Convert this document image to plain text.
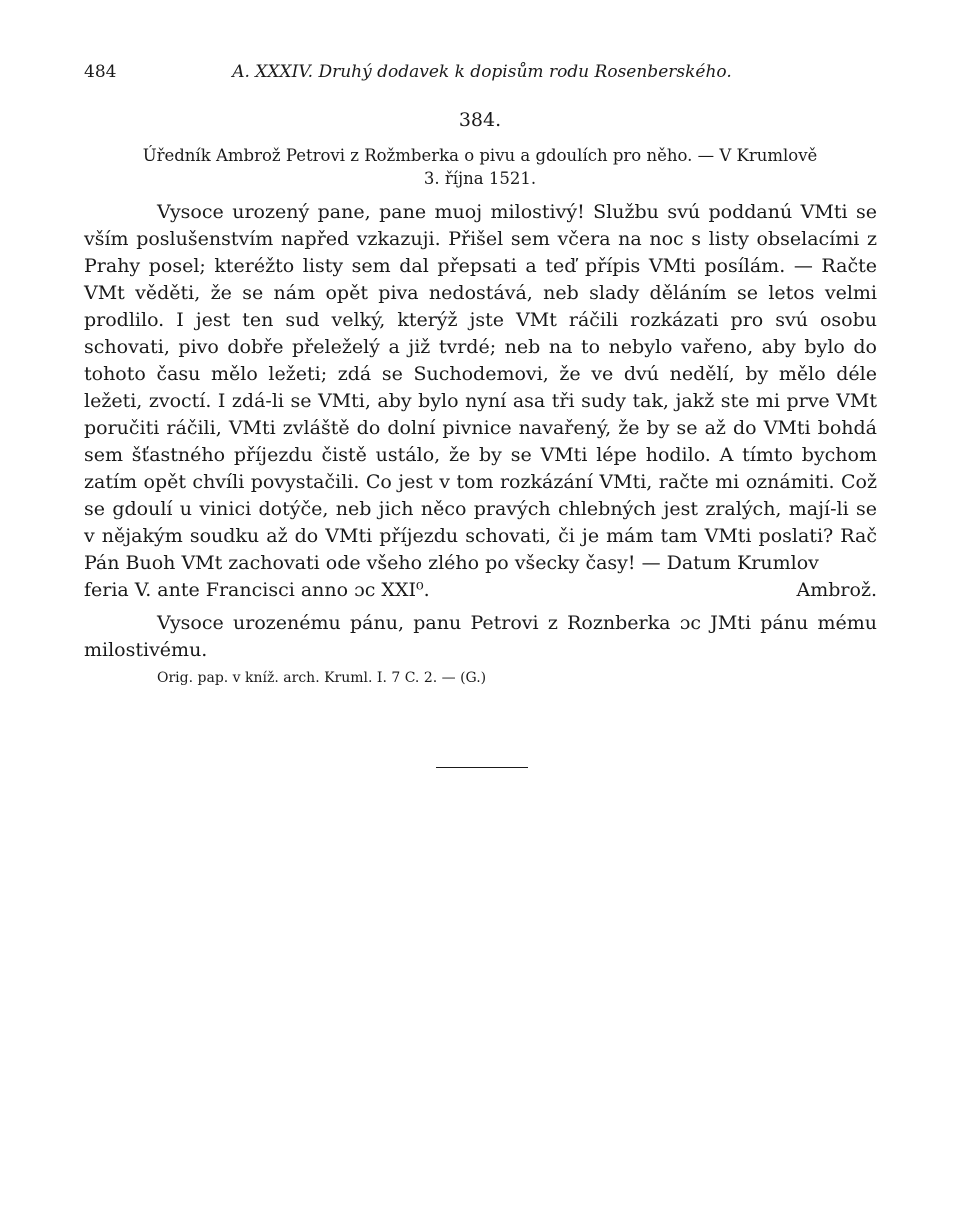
484	A. XXXIV. Druhý dodavek k dopisům rodu Rosenberského.
384.
Úředník Ambrož Petrovi z Rožmberka o pivu a gdoulích pro něho. — V Krumlově
3. října 1521.

Vysoce urozený pane, pane muoj milostivý! Službu svú poddanú VMti se vším poslušenstvím napřed vzkazuji. Přišel sem včera na noc s listy obselacími z Prahy posel; kteréžto listy sem dal přepsati a teď přípis VMti posílám. — Račte VMt věděti, že se nám opět piva nedostává, neb slady děláním se letos velmi prodlilo. I jest ten sud velký, kterýž jste VMt ráčili rozkázati pro svú osobu schovati, pivo dobře přeleželý a již tvrdé; neb na to nebylo vařeno, aby bylo do tohoto času mělo ležeti; zdá se Suchodemovi, že ve dvú nedělí, by mělo déle ležeti, zvoctí. I zdá-li se VMti, aby bylo nyní asa tři sudy tak, jakž ste mi prve VMt poručiti ráčili, VMti zvláště do dolní pivnice navařený, že by se až do VMti bohdá sem šťastného příjezdu čistě ustálo, že by se VMti lépe hodilo. A tímto bychom zatím opět chvíli povystačili. Co jest v tom rozkázání VMti, račte mi oznámiti. Což se gdoulí u vinici dotýče, neb jich něco pravých chlebných jest zralých, mají-li se v nějakým soudku až do VMti příjezdu schovati, či je mám tam VMti poslati? Rač Pán Buoh VMt zachovati ode všeho zlého po všecky časy! — Datum Krumlov

feria V. ante Francisci anno ɔc XXI⁰.	Ambrož.

Vysoce urozenému pánu, panu Petrovi z Roznberka ɔc JMti pánu mému milostivému.

Orig. pap. v kníž. arch. Kruml. I. 7 C. 2. — (G.)
